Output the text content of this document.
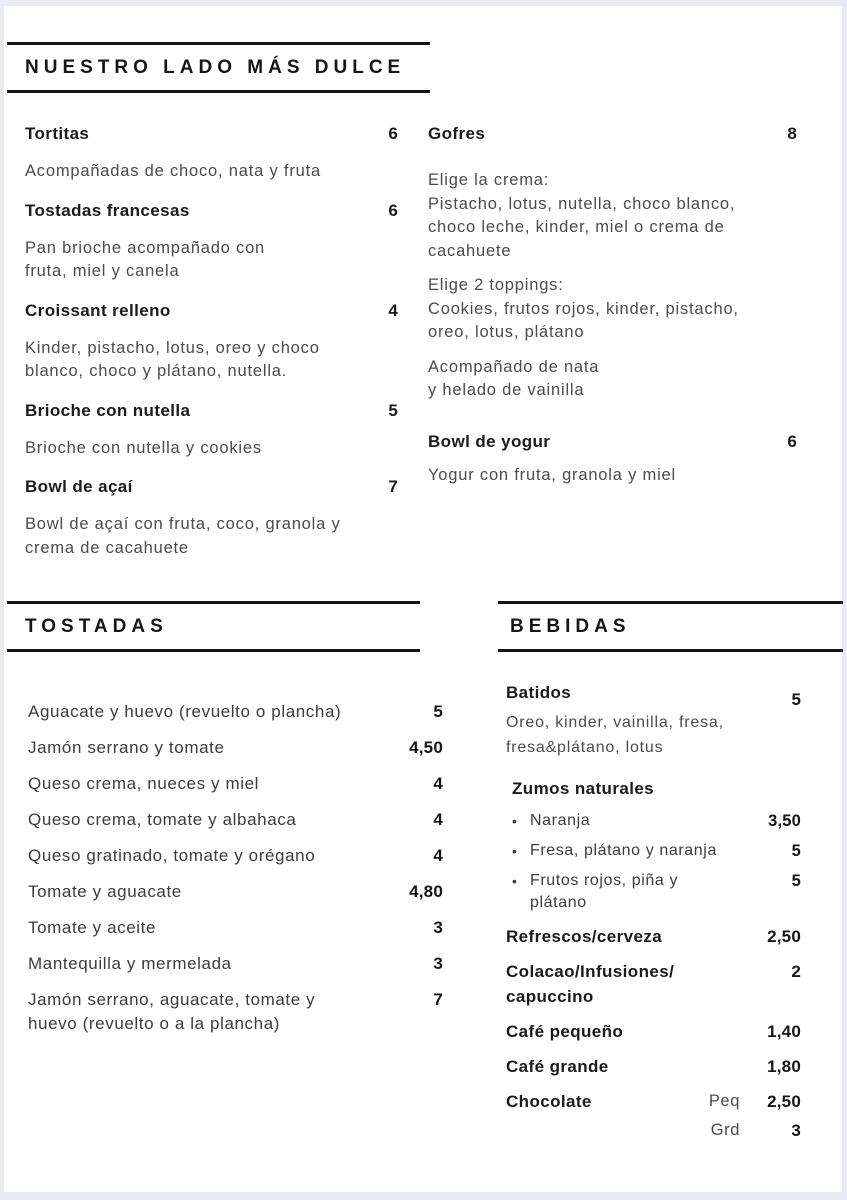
NUESTRO LADO MÁS DULCE
Tortitas	6
Acompañadas de choco, nata y fruta
Tostadas francesas	6
Pan brioche acompañado con
fruta, miel y canela
Croissant relleno	4
Kinder, pistacho, lotus, oreo y choco
blanco, choco y plátano, nutella.
Brioche con nutella	5
Brioche con nutella y cookies
Bowl de açaí	7
Bowl de açaí con fruta, coco, granola y
crema de cacahuete
Gofres	8
Elige la crema:
Pistacho, lotus, nutella, choco blanco,
choco leche, kinder, miel o crema de
cacahuete
Elige 2 toppings:
Cookies, frutos rojos, kinder, pistacho,
oreo, lotus, plátano
Acompañado de nata
y helado de vainilla
Bowl de yogur	6
Yogur con fruta, granola y miel
TOSTADAS
Aguacate y huevo (revuelto o plancha)	5
Jamón serrano y tomate	4,50
Queso crema, nueces y miel	4
Queso crema, tomate y albahaca	4
Queso gratinado, tomate y orégano	4
Tomate y aguacate	4,80
Tomate y aceite	3
Mantequilla y mermelada	3
Jamón serrano, aguacate, tomate y
huevo (revuelto o a la plancha)
7
BEBIDAS
Batidos	5
Oreo, kinder, vainilla, fresa,
fresa&plátano, lotus
Zumos naturales
• Naranja	3,50
• Fresa, plátano y naranja	5
• Frutos rojos, piña y
plátano
5
Refrescos/cerveza	2,50
Colacao/Infusiones/
capuccino
2
Café pequeño	1,40
Café grande	1,80
Chocolate	Peq	2,50
Grd	3
